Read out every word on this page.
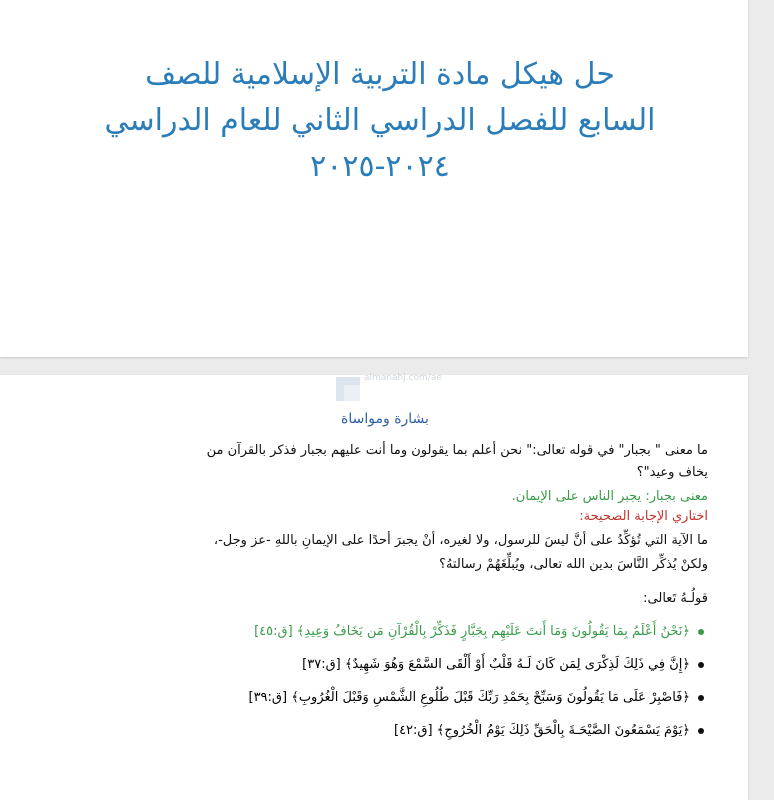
حل هيكل مادة التربية الإسلامية للصف
السابع للفصل الدراسي الثاني للعام الدراسي
٢٠٢٤-٢٠٢٥
almanahj.com/ae
بشارة ومواساة
ما معنى " بجبار" في قوله تعالى:" نحن أعلم بما يقولون وما أنت عليهم بجبار فذكر بالقرآن من
يخاف وعيد"؟
معنى بجبار: يجبر الناس على الإيمان.
اختاري الإجابة الصحيحة:
ما الآية التي تُؤكِّدُ على أنَّ ليسَ للرسول، ولا لغيره، أنْ يجبرَ أحدًا على الإيمانِ باللهِ -عز وجل-،
ولكنْ يُذكِّر النَّاسَ بدين الله تعالى، ويُبلِّغَهُمْ رسالتهُ؟
قولُـهُ تَعالى:
﴿نَحْنُ أَعْلَمُ بِمَا يَقُولُونَ وَمَا أَنتَ عَلَيْهِم بِجَبَّارٍ فَذَكِّرْ بِالْقُرْآنِ مَن يَخَافُ وَعِيدِ﴾ [ق:٤٥]
﴿إِنَّ فِي ذَلِكَ لَذِكْرَى لِمَن كَانَ لَـهُ قَلْبٌ أَوْ أَلْقَى السَّمْعَ وَهُوَ شَهِيدٌ﴾ [ق:٣٧]
﴿فَاصْبِرْ عَلَى مَا يَقُولُونَ وَسَبِّحْ بِحَمْدِ رَبِّكَ قَبْلَ طُلُوعِ الشَّمْسِ وَقَبْلَ الْغُرُوبِ﴾ [ق:٣٩]
﴿يَوْمَ يَسْمَعُونَ الصَّيْحَـةَ بِالْحَقِّ ذَلِكَ يَوْمُ الْخُرُوجِ﴾ [ق:٤٢]
